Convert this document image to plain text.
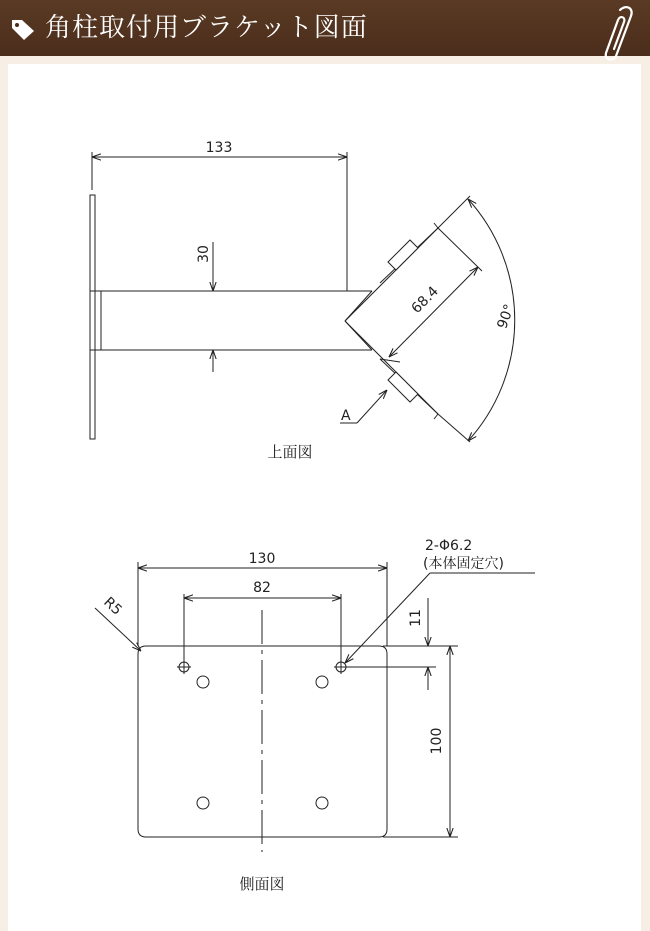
角柱取付用ブラケット図面
133
30
68.4	90°
A
上面図
130
82
R5
2-Φ6.2
(本体固定穴)
11
100
側面図
